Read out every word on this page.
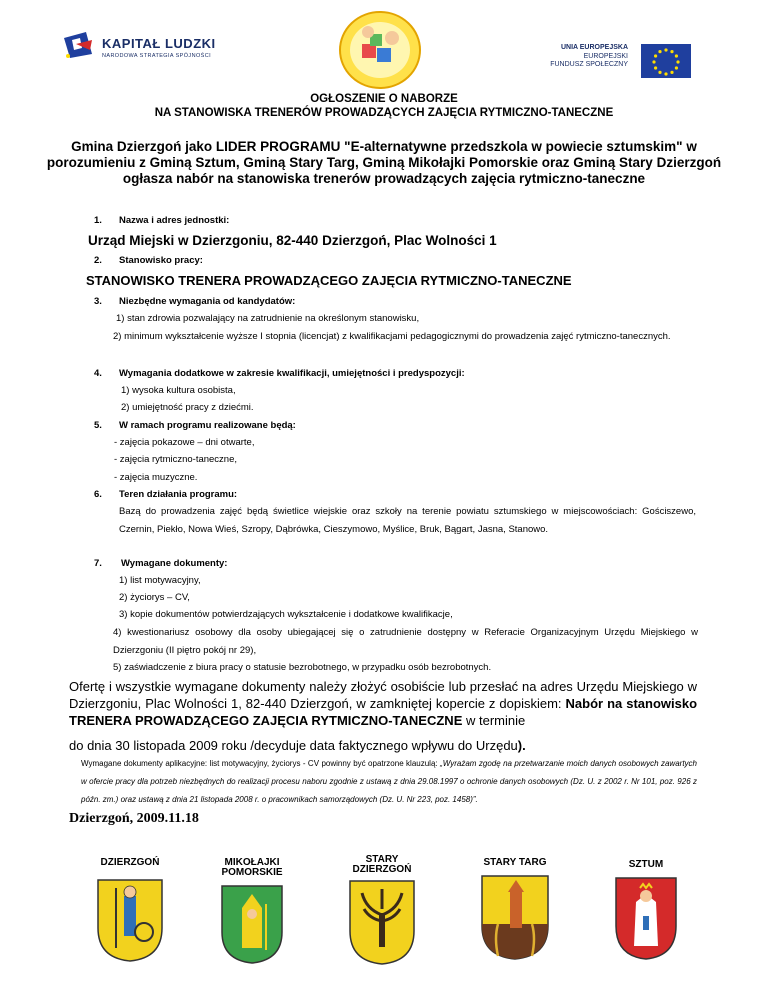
KAPITAŁ LUDZKI
NARODOWA STRATEGIA SPÓJNOŚCI
UNIA EUROPEJSKA
EUROPEJSKI
FUNDUSZ SPOŁECZNY
OGŁOSZENIE O NABORZE
NA STANOWISKA TRENERÓW PROWADZĄCYCH ZAJĘCIA RYTMICZNO-TANECZNE
Gmina Dzierzgoń jako LIDER PROGRAMU "E-alternatywne przedszkola w powiecie sztumskim" w porozumieniu z Gminą Sztum, Gminą Stary Targ, Gminą Mikołajki Pomorskie oraz Gminą Stary Dzierzgoń ogłasza nabór na stanowiska trenerów prowadzących zajęcia rytmiczno-taneczne
1. Nazwa i adres jednostki:
Urząd Miejski w Dzierzgoniu, 82-440 Dzierzgoń, Plac Wolności 1
2. Stanowisko pracy:
STANOWISKO TRENERA PROWADZĄCEGO ZAJĘCIA RYTMICZNO-TANECZNE
3. Niezbędne wymagania od kandydatów:
1) stan zdrowia pozwalający na zatrudnienie na określonym stanowisku,
2) minimum wykształcenie wyższe I stopnia (licencjat) z kwalifikacjami pedagogicznymi do prowadzenia zajęć rytmiczno-tanecznych.
4. Wymagania dodatkowe w zakresie kwalifikacji, umiejętności i predyspozycji:
1) wysoka kultura osobista,
2) umiejętność pracy z dziećmi.
5. W ramach programu realizowane będą:
- zajęcia pokazowe – dni otwarte,
- zajęcia rytmiczno-taneczne,
- zajęcia muzyczne.
6. Teren działania programu:
Bazą do prowadzenia zajęć będą świetlice wiejskie oraz szkoły na terenie powiatu sztumskiego w miejscowościach: Gościszewo, Czernin, Piekło, Nowa Wieś, Szropy, Dąbrówka, Cieszymowo, Myślice, Bruk, Bągart, Jasna, Stanowo.
7. Wymagane dokumenty:
1) list motywacyjny,
2) życiorys – CV,
3) kopie dokumentów potwierdzających wykształcenie i dodatkowe kwalifikacje,
4) kwestionariusz osobowy dla osoby ubiegającej się o zatrudnienie dostępny w Referacie Organizacyjnym Urzędu Miejskiego w Dzierzgoniu (II piętro pokój nr 29),
5) zaświadczenie z biura pracy o statusie bezrobotnego, w przypadku osób bezrobotnych.
Ofertę i wszystkie wymagane dokumenty należy złożyć osobiście lub przesłać na adres Urzędu Miejskiego w Dzierzgoniu, Plac Wolności 1, 82-440 Dzierzgoń, w zamkniętej kopercie z dopiskiem: Nabór na stanowisko TRENERA PROWADZĄCEGO ZAJĘCIA RYTMICZNO-TANECZNE w terminie
do dnia 30 listopada 2009 roku /decyduje data faktycznego wpływu do Urzędu).
Wymagane dokumenty aplikacyjne: list motywacyjny, życiorys - CV powinny być opatrzone klauzulą: „Wyrażam zgodę na przetwarzanie moich danych osobowych zawartych w ofercie pracy dla potrzeb niezbędnych do realizacji procesu naboru zgodnie z ustawą z dnia 29.08.1997 o ochronie danych osobowych (Dz. U. z 2002 r. Nr 101, poz. 926 z późn. zm.) oraz ustawą z dnia 21 listopada 2008 r. o pracownikach samorządowych (Dz. U. Nr 223, poz. 1458)”.
Dzierzgoń, 2009.11.18
DZIERZGOŃ	MIKOŁAJKI
POMORSKIE
STARY
DZIERZGOŃ
STARY TARG	SZTUM
